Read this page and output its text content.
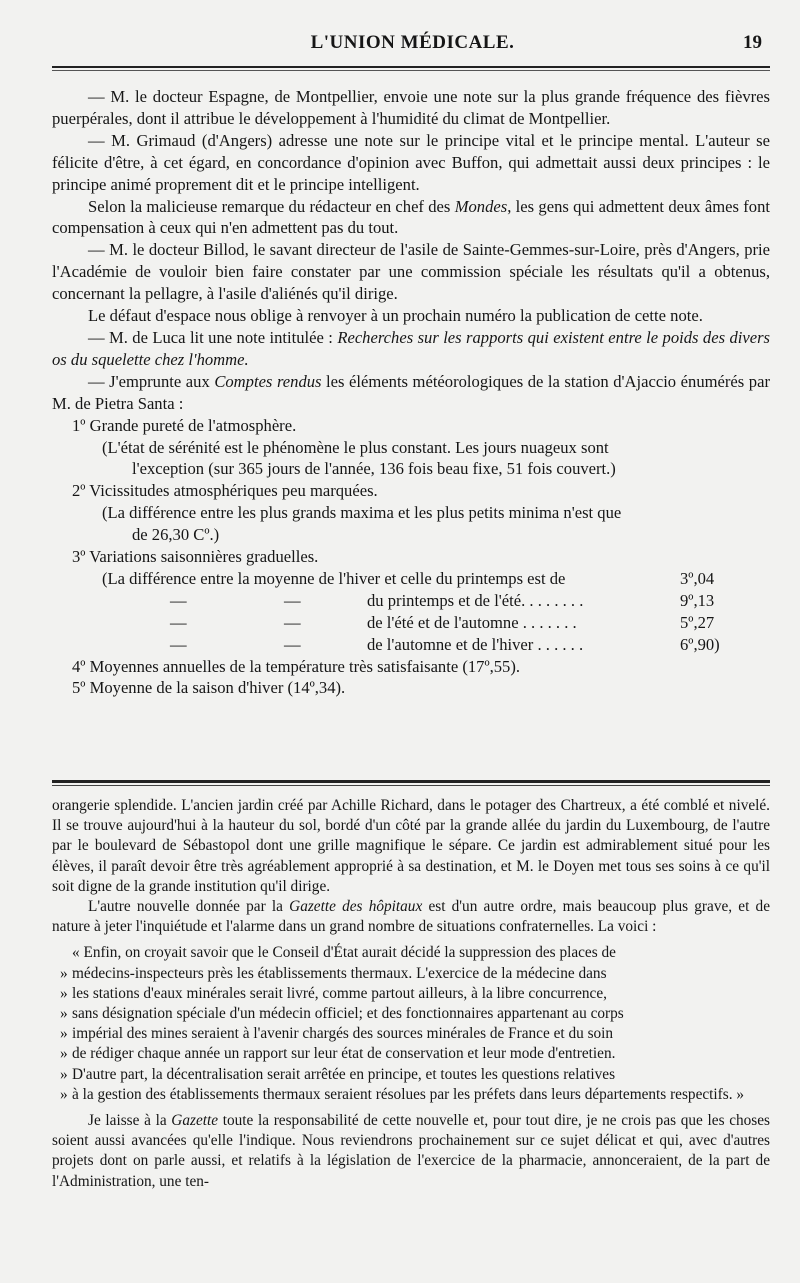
L'UNION MÉDICALE.	19

— M. le docteur Espagne, de Montpellier, envoie une note sur la plus grande fréquence des fièvres puerpérales, dont il attribue le développement à l'humidité du climat de Montpellier.

— M. Grimaud (d'Angers) adresse une note sur le principe vital et le principe mental. L'auteur se félicite d'être, à cet égard, en concordance d'opinion avec Buffon, qui admettait aussi deux principes : le principe animé proprement dit et le principe intelligent.

Selon la malicieuse remarque du rédacteur en chef des Mondes, les gens qui admettent deux âmes font compensation à ceux qui n'en admettent pas du tout.

— M. le docteur Billod, le savant directeur de l'asile de Sainte-Gemmes-sur-Loire, près d'Angers, prie l'Académie de vouloir bien faire constater par une commission spéciale les résultats qu'il a obtenus, concernant la pellagre, à l'asile d'aliénés qu'il dirige.

Le défaut d'espace nous oblige à renvoyer à un prochain numéro la publication de cette note.

— M. de Luca lit une note intitulée : Recherches sur les rapports qui existent entre le poids des divers os du squelette chez l'homme.

— J'emprunte aux Comptes rendus les éléments météorologiques de la station d'Ajaccio énumérés par M. de Pietra Santa :

1º Grande pureté de l'atmosphère.

(L'état de sérénité est le phénomène le plus constant. Les jours nuageux sont

l'exception (sur 365 jours de l'année, 136 fois beau fixe, 51 fois couvert.)

2º Vicissitudes atmosphériques peu marquées.

(La différence entre les plus grands maxima et les plus petits minima n'est que

de 26,30 Cº.)

3º Variations saisonnières graduelles.

(La différence entre la moyenne de l'hiver et celle du printemps est de	3º,04
—	—	du printemps et de l'été. . . . . . . .	9º,13
—	—	de l'été et de l'automne . . . . . . .	5º,27
—	—	de l'automne et de l'hiver . . . . . .	6º,90)

4º Moyennes annuelles de la température très satisfaisante (17º,55).

5º Moyenne de la saison d'hiver (14º,34).

orangerie splendide. L'ancien jardin créé par Achille Richard, dans le potager des Chartreux, a été comblé et nivelé. Il se trouve aujourd'hui à la hauteur du sol, bordé d'un côté par la grande allée du jardin du Luxembourg, de l'autre par le boulevard de Sébastopol dont une grille magnifique le sépare. Ce jardin est admirablement situé pour les élèves, il paraît devoir être très agréablement approprié à sa destination, et M. le Doyen met tous ses soins à ce qu'il soit digne de la grande institution qu'il dirige.

L'autre nouvelle donnée par la Gazette des hôpitaux est d'un autre ordre, mais beaucoup plus grave, et de nature à jeter l'inquiétude et l'alarme dans un grand nombre de situations confraternelles. La voici :

« Enfin, on croyait savoir que le Conseil d'État aurait décidé la suppression des places de

» médecins-inspecteurs près les établissements thermaux. L'exercice de la médecine dans

» les stations d'eaux minérales serait livré, comme partout ailleurs, à la libre concurrence,

» sans désignation spéciale d'un médecin officiel; et des fonctionnaires appartenant au corps

» impérial des mines seraient à l'avenir chargés des sources minérales de France et du soin

» de rédiger chaque année un rapport sur leur état de conservation et leur mode d'entretien.

» D'autre part, la décentralisation serait arrêtée en principe, et toutes les questions relatives

» à la gestion des établissements thermaux seraient résolues par les préfets dans leurs départements respectifs. »

Je laisse à la Gazette toute la responsabilité de cette nouvelle et, pour tout dire, je ne crois pas que les choses soient aussi avancées qu'elle l'indique. Nous reviendrons prochainement sur ce sujet délicat et qui, avec d'autres projets dont on parle aussi, et relatifs à la législation de l'exercice de la pharmacie, annonceraient, de la part de l'Administration, une ten-
